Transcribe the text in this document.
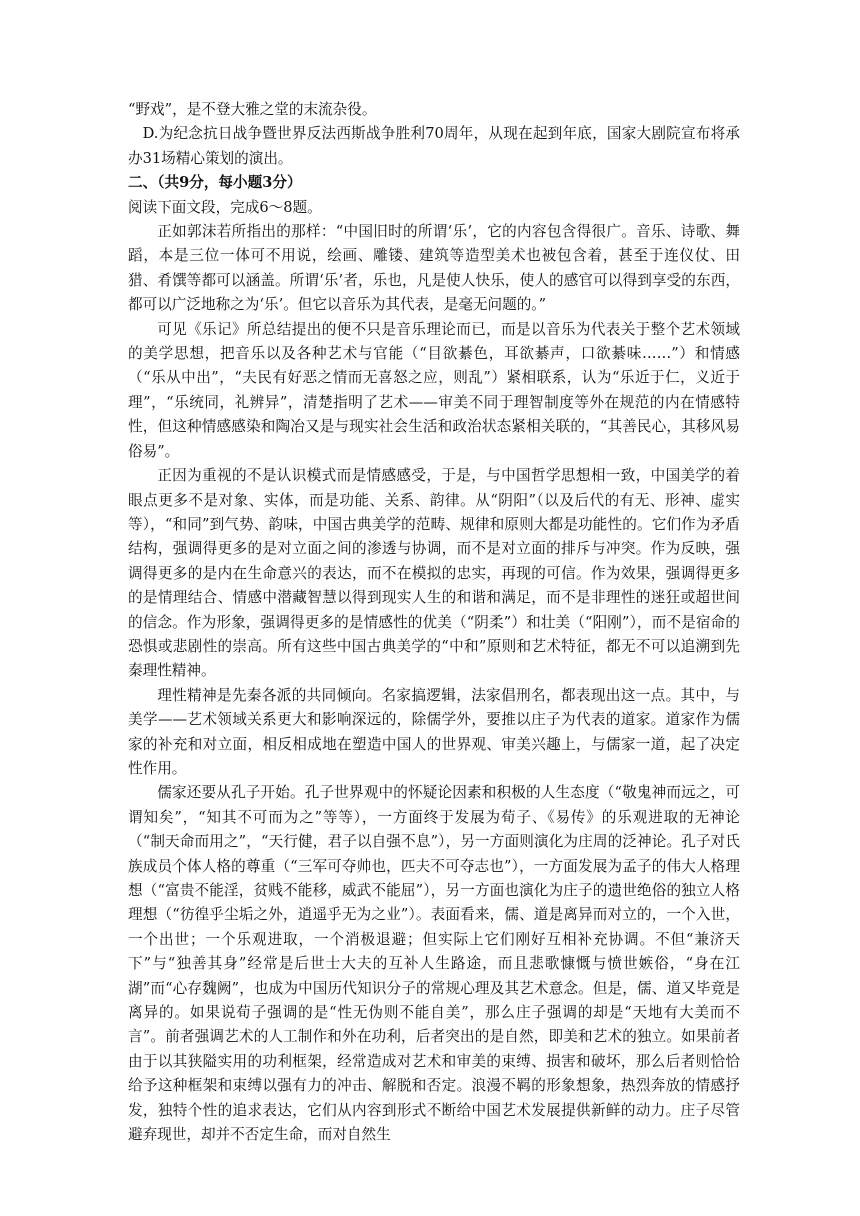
“野戏”，是不登大雅之堂的末流杂役。

D.为纪念抗日战争暨世界反法西斯战争胜利70周年，从现在起到年底，国家大剧院宣布将承办31场精心策划的演出。

二、（共9分，每小题3分）

阅读下面文段，完成6～8题。

正如郭沫若所指出的那样：“中国旧时的所谓‘乐’，它的内容包含得很广。音乐、诗歌、舞蹈，本是三位一体可不用说，绘画、雕镂、建筑等造型美术也被包含着，甚至于连仪仗、田猎、肴馔等都可以涵盖。所谓‘乐’者，乐也，凡是使人快乐，使人的感官可以得到享受的东西，都可以广泛地称之为‘乐’。但它以音乐为其代表，是毫无问题的。”

可见《乐记》所总结提出的便不只是音乐理论而已，而是以音乐为代表关于整个艺术领域的美学思想，把音乐以及各种艺术与官能（“目欲綦色，耳欲綦声，口欲綦味……”）和情感（“乐从中出”，“夫民有好恶之情而无喜怒之应，则乱”）紧相联系，认为“乐近于仁，义近于理”，“乐统同，礼辨异”，清楚指明了艺术——审美不同于理智制度等外在规范的内在情感特性，但这种情感感染和陶冶又是与现实社会生活和政治状态紧相关联的，“其善民心，其移风易俗易”。

正因为重视的不是认识模式而是情感感受，于是，与中国哲学思想相一致，中国美学的着眼点更多不是对象、实体，而是功能、关系、韵律。从“阴阳”（以及后代的有无、形神、虚实等），“和同”到气势、韵味，中国古典美学的范畴、规律和原则大都是功能性的。它们作为矛盾结构，强调得更多的是对立面之间的渗透与协调，而不是对立面的排斥与冲突。作为反映，强调得更多的是内在生命意兴的表达，而不在模拟的忠实，再现的可信。作为效果，强调得更多的是情理结合、情感中潜藏智慧以得到现实人生的和谐和满足，而不是非理性的迷狂或超世间的信念。作为形象，强调得更多的是情感性的优美（“阴柔”）和壮美（“阳刚”），而不是宿命的恐惧或悲剧性的崇高。所有这些中国古典美学的“中和”原则和艺术特征，都无不可以追溯到先秦理性精神。

理性精神是先秦各派的共同倾向。名家搞逻辑，法家倡刑名，都表现出这一点。其中，与美学——艺术领域关系更大和影响深远的，除儒学外，要推以庄子为代表的道家。道家作为儒家的补充和对立面，相反相成地在塑造中国人的世界观、审美兴趣上，与儒家一道，起了决定性作用。

儒家还要从孔子开始。孔子世界观中的怀疑论因素和积极的人生态度（“敬鬼神而远之，可谓知矣”，“知其不可而为之”等等），一方面终于发展为荀子、《易传》的乐观进取的无神论（“制天命而用之”，“天行健，君子以自强不息”），另一方面则演化为庄周的泛神论。孔子对氏族成员个体人格的尊重（“三军可夺帅也，匹夫不可夺志也”），一方面发展为孟子的伟大人格理想（“富贵不能淫，贫贱不能移，威武不能屈”），另一方面也演化为庄子的遗世绝俗的独立人格理想（“彷徨乎尘垢之外，逍遥乎无为之业”）。表面看来，儒、道是离异而对立的，一个入世，一个出世；一个乐观进取，一个消极退避；但实际上它们刚好互相补充协调。不但“兼济天下”与“独善其身”经常是后世士大夫的互补人生路途，而且悲歌慷慨与愤世嫉俗，“身在江湖”而“心存魏阙”，也成为中国历代知识分子的常规心理及其艺术意念。但是，儒、道又毕竟是离异的。如果说荀子强调的是“性无伪则不能自美”，那么庄子强调的却是“天地有大美而不言”。前者强调艺术的人工制作和外在功利，后者突出的是自然，即美和艺术的独立。如果前者由于以其狭隘实用的功利框架，经常造成对艺术和审美的束缚、损害和破坏，那么后者则恰恰给予这种框架和束缚以强有力的冲击、解脱和否定。浪漫不羁的形象想象，热烈奔放的情感抒发，独特个性的追求表达，它们从内容到形式不断给中国艺术发展提供新鲜的动力。庄子尽管避弃现世，却并不否定生命，而对自然生
